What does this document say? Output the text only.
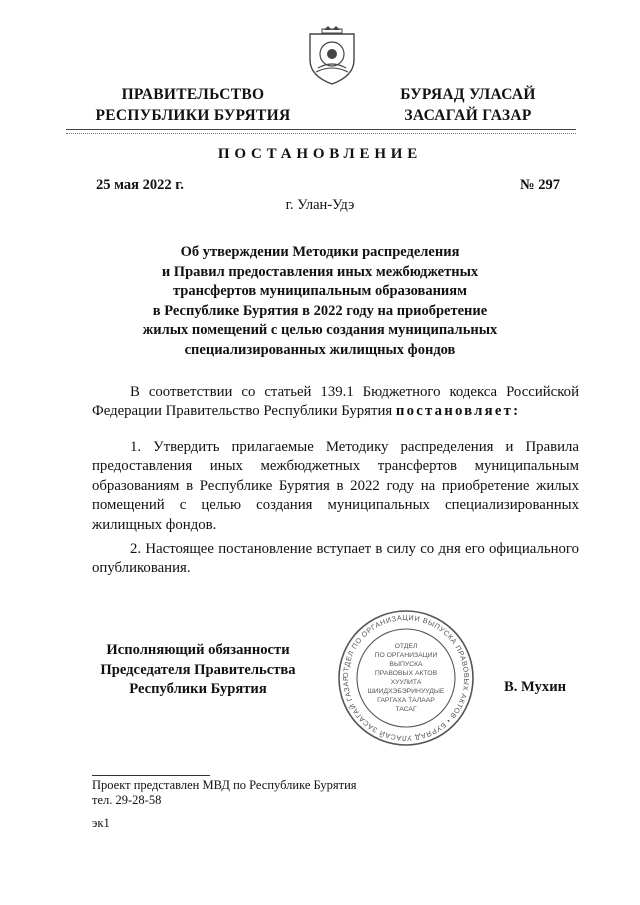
ПРАВИТЕЛЬСТВО
РЕСПУБЛИКИ БУРЯТИЯ
БУРЯАД УЛАСАЙ
ЗАСАГАЙ ГАЗАР
ПОСТАНОВЛЕНИЕ
25 мая 2022 г.	№ 297
г. Улан-Удэ
Об утверждении Методики распределения
и Правил предоставления иных межбюджетных
трансфертов муниципальным образованиям
в Республике Бурятия в 2022 году на приобретение
жилых помещений с целью создания муниципальных
специализированных жилищных фондов
В соответствии со статьей 139.1 Бюджетного кодекса Российской Федерации Правительство Республики Бурятия постановляет:
1. Утвердить прилагаемые Методику распределения и Правила предоставления иных межбюджетных трансфертов муниципальным образованиям в Республике Бурятия в 2022 году на приобретение жилых помещений с целью создания муниципальных специализированных жилищных фондов.
2. Настоящее постановление вступает в силу со дня его официального опубликования.
Исполняющий обязанности
Председателя Правительства
Республики Бурятия
ОТДЕЛ ПО ОРГАНИЗАЦИИ ВЫПУСКА ПРАВОВЫХ АКТОВ • БУРЯАД УЛАСАЙ ЗАСАГАЙ ГАЗАР
ОТДЕЛ
ПО ОРГАНИЗАЦИИ
ВЫПУСКА
ПРАВОВЫХ АКТОВ
ХУУЛИТА
ШИИДХЭБЭРИНУУДЫЕ
ГАРГАХА ТАЛААР
ТАСАГ
В. Мухин
Проект представлен МВД по Республике Бурятия
тел. 29-28-58
эк1
